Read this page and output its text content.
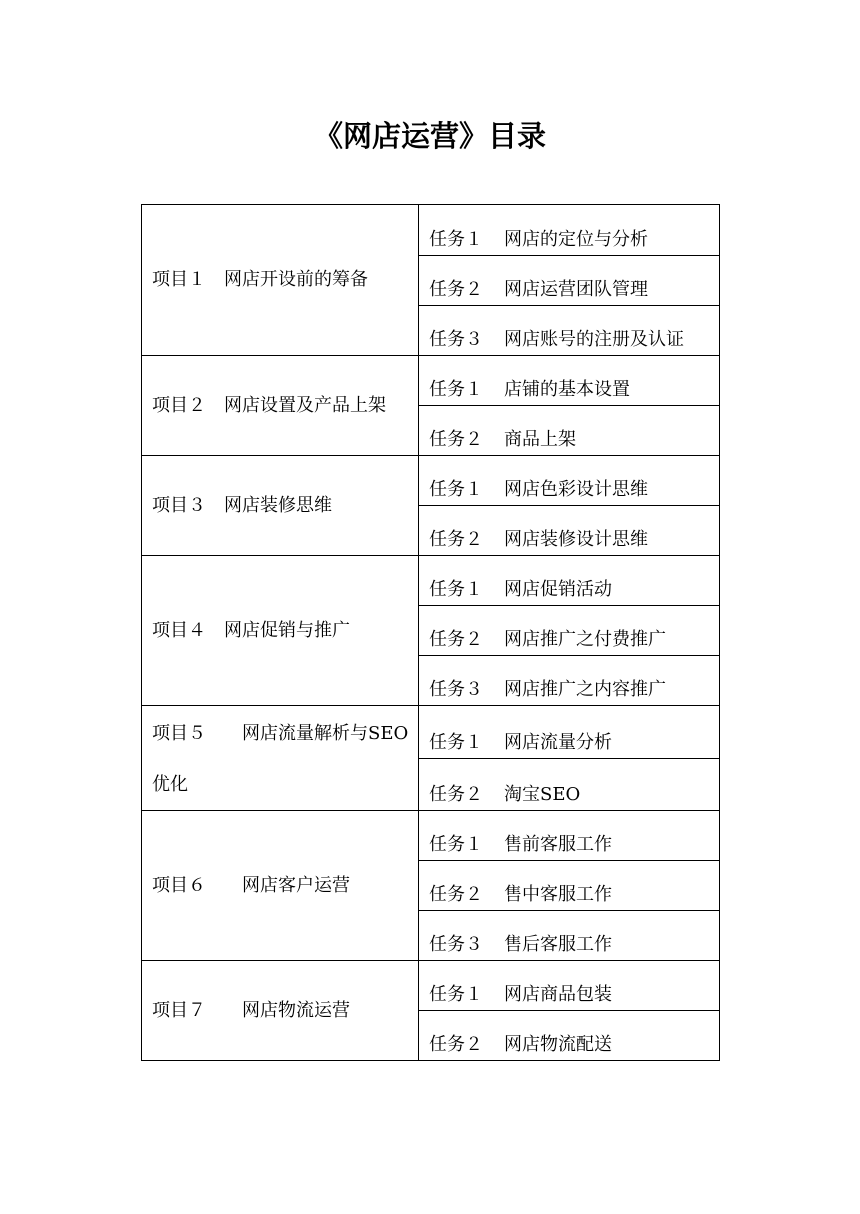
《网店运营》目录
项目１　网店开设前的筹备	任务１ 网店的定位与分析
	任务２ 网店运营团队管理
	任务３ 网店账号的注册及认证

项目２　网店设置及产品上架	任务１ 店铺的基本设置
	任务２ 商品上架

项目３　网店装修思维	任务１ 网店色彩设计思维
	任务２ 网店装修设计思维

项目４　网店促销与推广	任务１ 网店促销活动
	任务２ 网店推广之付费推广
	任务３ 网店推广之内容推广

项目５　　网店流量解析与SEO优化	任务１ 网店流量分析
	任务２ 淘宝SEO

项目６　　网店客户运营	任务１ 售前客服工作
	任务２ 售中客服工作
	任务３ 售后客服工作

项目７　　网店物流运营	任务１ 网店商品包装
	任务２ 网店物流配送
